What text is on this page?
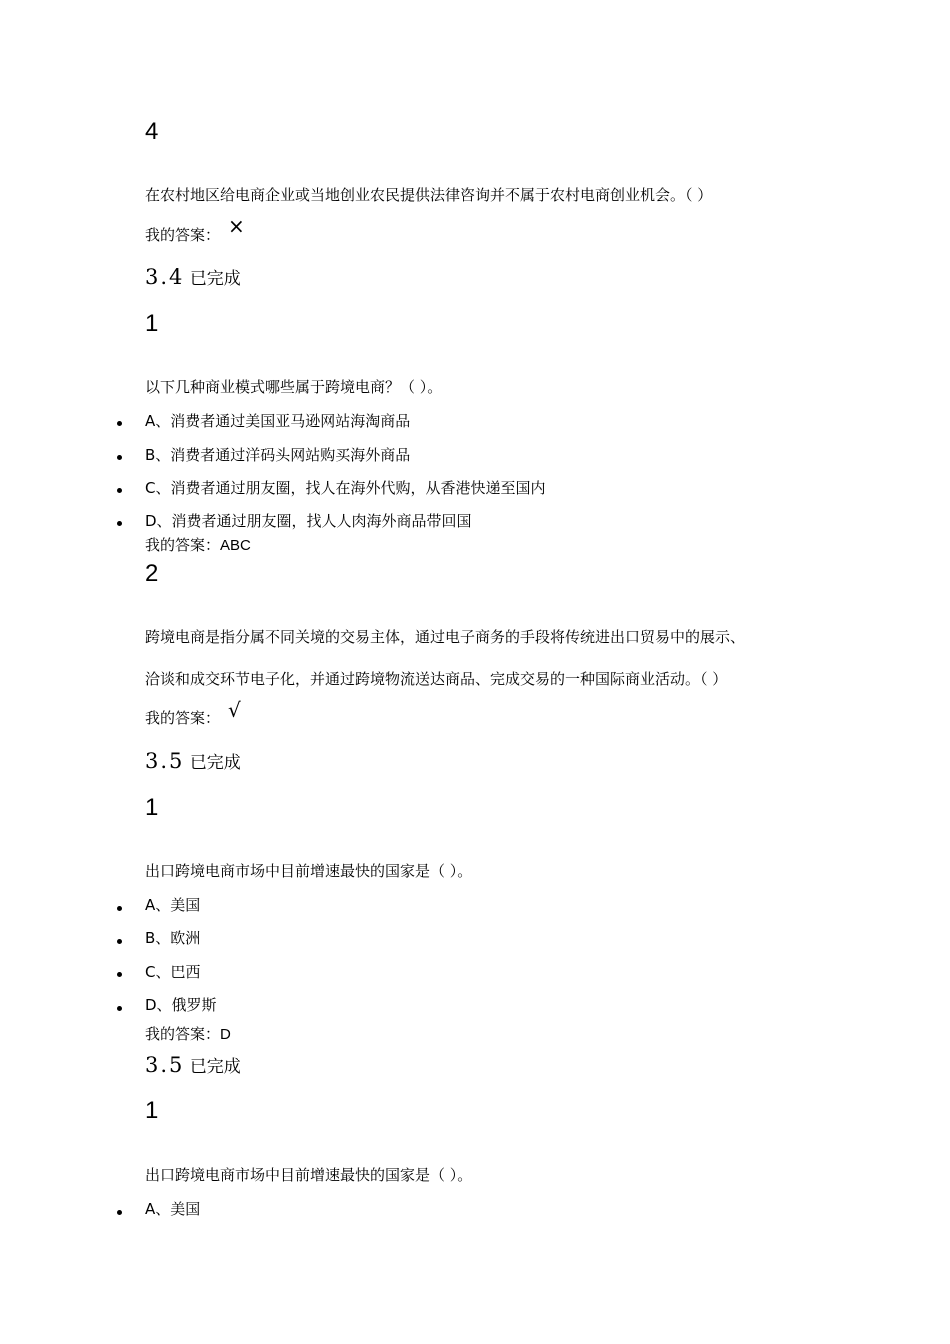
4
在农村地区给电商企业或当地创业农民提供法律咨询并不属于农村电商创业机会。（ ）
我的答案： ×
3.4 已完成
1
以下几种商业模式哪些属于跨境电商？（ ）。
A、消费者通过美国亚马逊网站海淘商品
B、消费者通过洋码头网站购买海外商品
C、消费者通过朋友圈，找人在海外代购，从香港快递至国内
D、消费者通过朋友圈，找人人肉海外商品带回国
我的答案：ABC
2
跨境电商是指分属不同关境的交易主体，通过电子商务的手段将传统进出口贸易中的展示、
洽谈和成交环节电子化，并通过跨境物流送达商品、完成交易的一种国际商业活动。（ ）
我的答案： √
3.5 已完成
1
出口跨境电商市场中目前增速最快的国家是（ ）。
A、美国
B、欧洲
C、巴西
D、俄罗斯
我的答案：D
3.5 已完成
1
出口跨境电商市场中目前增速最快的国家是（ ）。
A、美国
